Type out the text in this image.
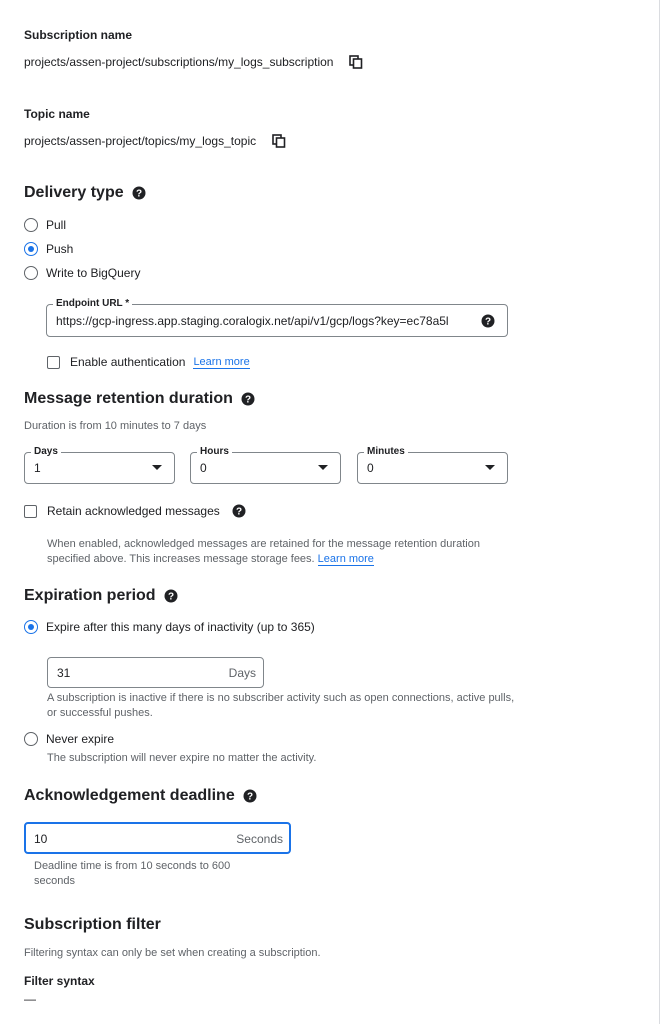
Subscription name
projects/assen-project/subscriptions/my_logs_subscription
Topic name
projects/assen-project/topics/my_logs_topic
Delivery type ?
Pull
Push
Write to BigQuery
Endpoint URL *
https://gcp-ingress.app.staging.coralogix.net/api/v1/gcp/logs?key=ec78a5l	?
Enable authentication Learn more
Message retention duration ?
Duration is from 10 minutes to 7 days
Days
1
Hours
0
Minutes
0
Retain acknowledged messages ?
When enabled, acknowledged messages are retained for the message retention duration specified above. This increases message storage fees. Learn more
Expiration period ?
Expire after this many days of inactivity (up to 365)
31	Days
A subscription is inactive if there is no subscriber activity such as open connections, active pulls, or successful pushes.
Never expire
The subscription will never expire no matter the activity.
Acknowledgement deadline ?
10	Seconds
Deadline time is from 10 seconds to 600 seconds
Subscription filter
Filtering syntax can only be set when creating a subscription.
Filter syntax
—
